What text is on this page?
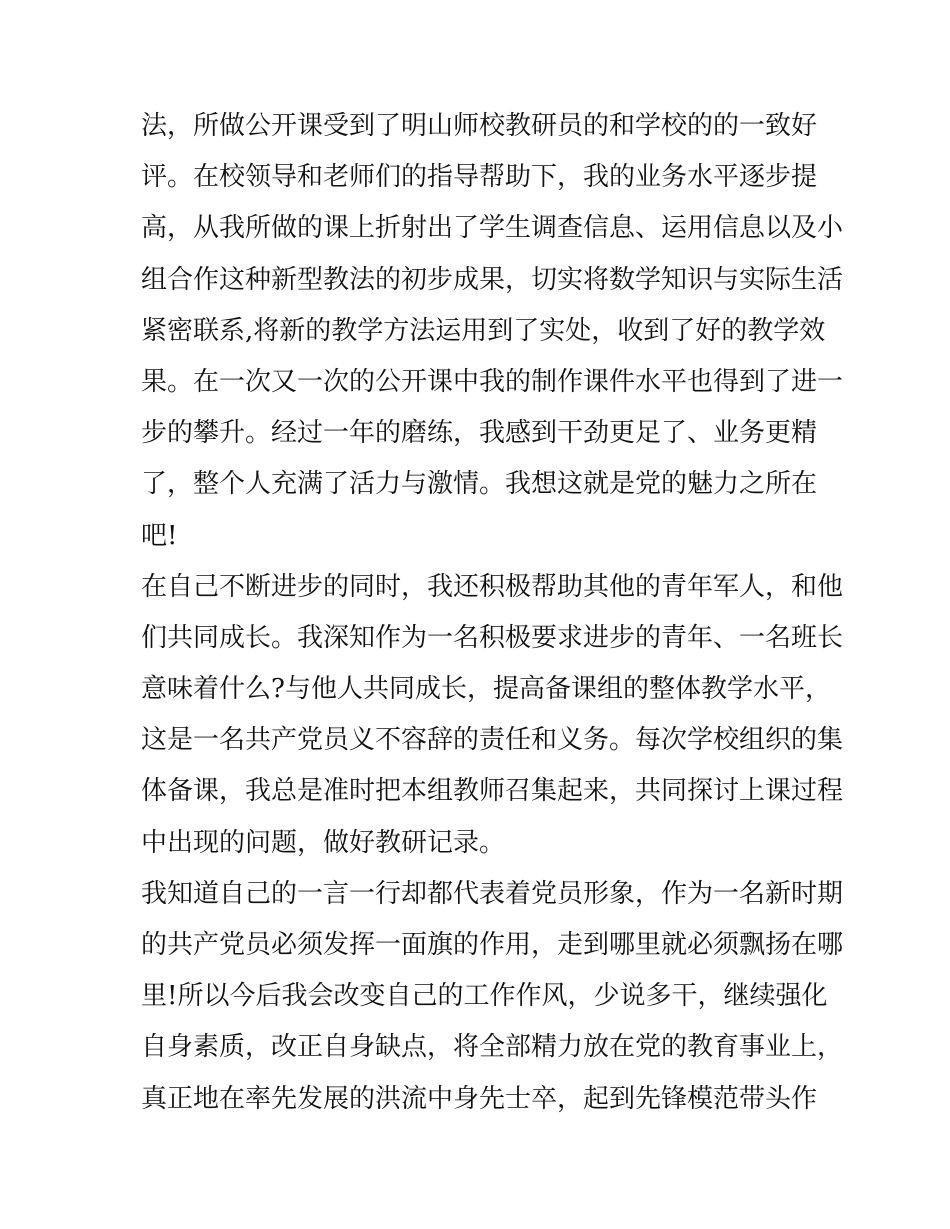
法，所做公开课受到了明山师校教研员的和学校的的一致好
评。在校领导和老师们的指导帮助下，我的业务水平逐步提
高，从我所做的课上折射出了学生调查信息、运用信息以及小
组合作这种新型教法的初步成果，切实将数学知识与实际生活
紧密联系,将新的教学方法运用到了实处，收到了好的教学效
果。在一次又一次的公开课中我的制作课件水平也得到了进一
步的攀升。经过一年的磨练，我感到干劲更足了、业务更精
了，整个人充满了活力与激情。我想这就是党的魅力之所在
吧!
在自己不断进步的同时，我还积极帮助其他的青年军人，和他
们共同成长。我深知作为一名积极要求进步的青年、一名班长
意味着什么?与他人共同成长，提高备课组的整体教学水平，
这是一名共产党员义不容辞的责任和义务。每次学校组织的集
体备课，我总是准时把本组教师召集起来，共同探讨上课过程
中出现的问题，做好教研记录。
我知道自己的一言一行却都代表着党员形象，作为一名新时期
的共产党员必须发挥一面旗的作用，走到哪里就必须飘扬在哪
里!所以今后我会改变自己的工作作风，少说多干，继续强化
自身素质，改正自身缺点，将全部精力放在党的教育事业上，
真正地在率先发展的洪流中身先士卒，起到先锋模范带头作
